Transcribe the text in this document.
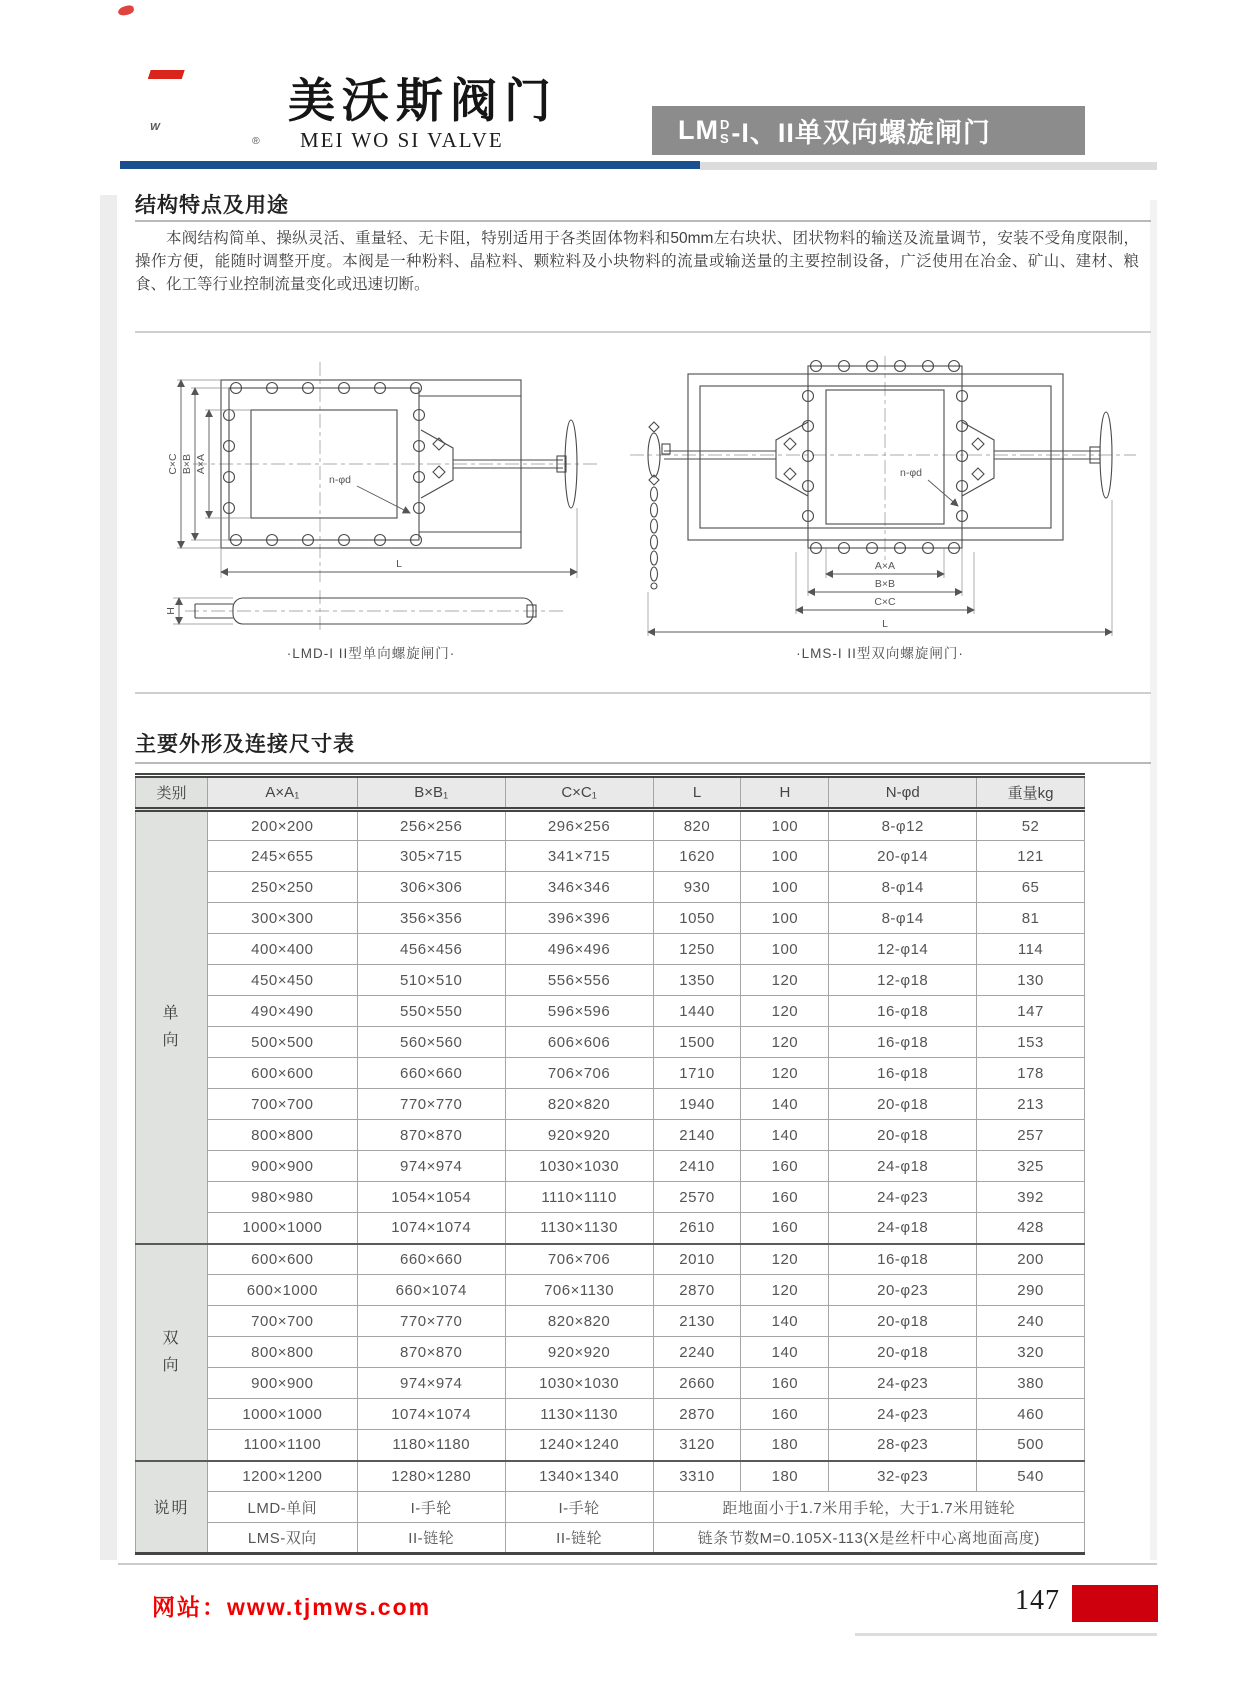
W
®
美沃斯阀门
MEI WO SI VALVE	LM D
S -I、II单双向螺旋闸门
结构特点及用途
本阀结构简单、操纵灵活、重量轻、无卡阻，特别适用于各类固体物料和50mm左右块状、团状物料的输送及流量调节，安装不受角度限制，操作方便，能随时调整开度。本阀是一种粉料、晶粒料、颗粒料及小块物料的流量或输送量的主要控制设备，广泛使用在冶金、矿山、建材、粮食、化工等行业控制流量变化或迅速切断。
n-φd
C×C B×B A×A
L
H
·LMD-I II型单向螺旋闸门·
n-φd
A×A
B×B
C×C
L
·LMS-I II型双向螺旋闸门·
主要外形及连接尺寸表
类别	A×A₁	B×B₁	C×C₁	L	H	N-φd	重量kg

单
向	200×200	256×256	296×256	820	100	8-φ12	52
	245×655	305×715	341×715	1620	100	20-φ14	121
	250×250	306×306	346×346	930	100	8-φ14	65
	300×300	356×356	396×396	1050	100	8-φ14	81
	400×400	456×456	496×496	1250	100	12-φ14	114
	450×450	510×510	556×556	1350	120	12-φ18	130
	490×490	550×550	596×596	1440	120	16-φ18	147
	500×500	560×560	606×606	1500	120	16-φ18	153
	600×600	660×660	706×706	1710	120	16-φ18	178
	700×700	770×770	820×820	1940	140	20-φ18	213
	800×800	870×870	920×920	2140	140	20-φ18	257
	900×900	974×974	1030×1030	2410	160	24-φ18	325
	980×980	1054×1054	1110×1110	2570	160	24-φ23	392
	1000×1000	1074×1074	1130×1130	2610	160	24-φ18	428

双
向	600×600	660×660	706×706	2010	120	16-φ18	200
	600×1000	660×1074	706×1130	2870	120	20-φ23	290
	700×700	770×770	820×820	2130	140	20-φ18	240
	800×800	870×870	920×920	2240	140	20-φ18	320
	900×900	974×974	1030×1030	2660	160	24-φ23	380
	1000×1000	1074×1074	1130×1130	2870	160	24-φ23	460
	1100×1100	1180×1180	1240×1240	3120	180	28-φ23	500
说明	1200×1200	1280×1280	1340×1340	3310	180	32-φ23	540
	LMD-单间	I-手轮	I-手轮	距地面小于1.7米用手轮，大于1.7米用链轮			
	LMS-双向	II-链轮	II-链轮	链条节数M=0.105X-113(X是丝杆中心离地面高度)			
网站：www.tjmws.com	147
